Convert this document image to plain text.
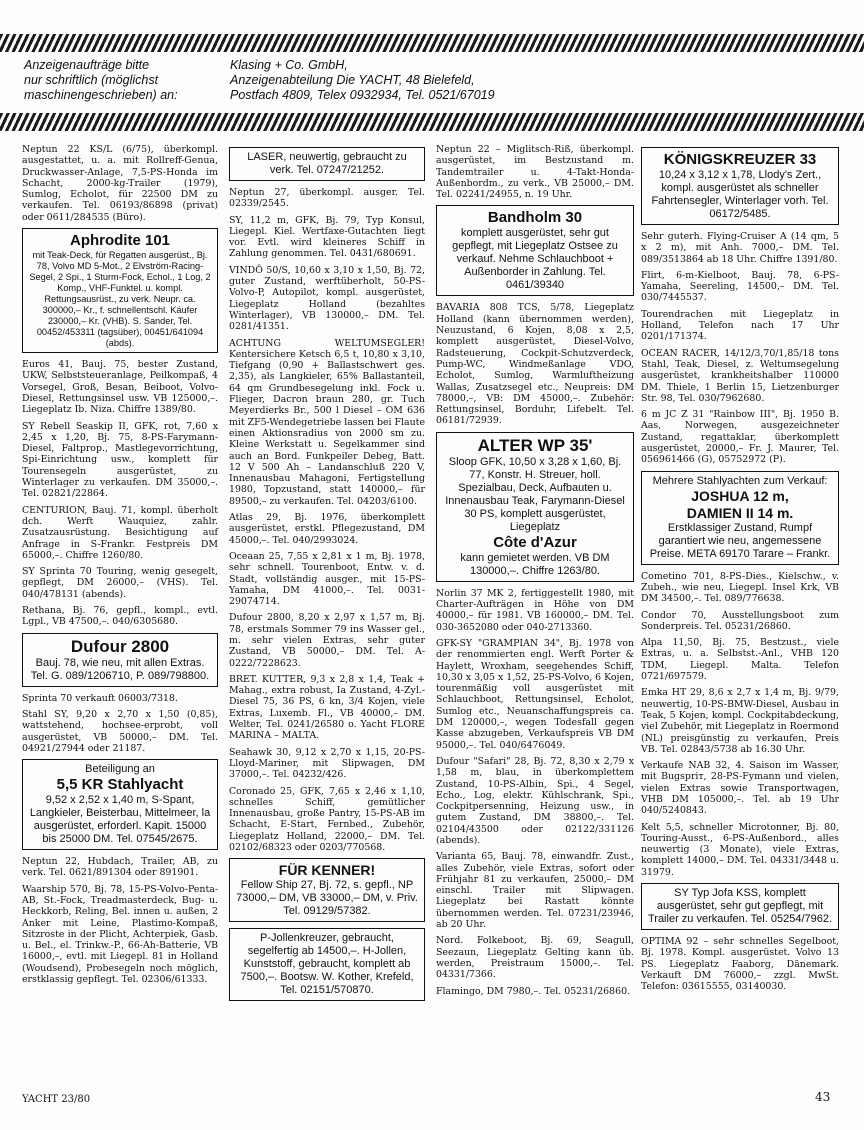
Anzeigenaufträge bitte
nur schriftlich (möglichst
maschinengeschrieben) an:
Klasing + Co. GmbH,
Anzeigenabteilung Die YACHT, 48 Bielefeld,
Postfach 4809, Telex 0932934, Tel. 0521/67019

Neptun 22 KS/L (6/75), überkompl. ausgestattet, u. a. mit Rollreff-Genua, Druckwasser-Anlage, 7,5-PS-Honda im Schacht, 2000-kg-Trailer (1979), Sumlog, Echolot, für 22500 DM zu verkaufen. Tel. 06193/86898 (privat) oder 0611/284535 (Büro).

Aphrodite 101
mit Teak-Deck, für Regatten ausgerüst., Bj. 78, Volvo MD 5-Mot., 2 Elvström-Racing-Segel, 2 Spi., 1 Sturm-Fock, Echol., 1 Log, 2 Komp., VHF-Funktel. u. kompl. Rettungsausrüst., zu verk. Neupr. ca. 300000,– Kr., f. schnellentschl. Käufer 230000,– Kr. (VHB). S. Sander, Tel. 00452/453311 (tagsüber), 00451/641094 (abds).

Euros 41, Bauj. 75, bester Zustand, UKW, Selbststeueranlage, Peilkompaß, 4 Vorsegel, Groß, Besan, Beiboot, Volvo-Diesel, Rettungsinsel usw. VB 125000,–. Liegeplatz Ib. Niza. Chiffre 1389/80.

SY Rebell Seaskip II, GFK, rot, 7,60 x 2,45 x 1,20, Bj. 75, 8-PS-Farymann-Diesel, Faltprop., Mastlegevorrichtung, Spi-Einrichtung usw., komplett für Tourensegeln ausgerüstet, zu Winterlager zu verkaufen. DM 35000,–. Tel. 02821/22864.

CENTURION, Bauj. 71, kompl. überholt dch. Werft Wauquiez, zahlr. Zusatzausrüstung. Besichtigung auf Anfrage in S-Frankr. Festpreis DM 65000,–. Chiffre 1260/80.

SY Sprinta 70 Touring, wenig gesegelt, gepflegt, DM 26000,– (VHS). Tel. 040/478131 (abends).

Rethana, Bj. 76, gepfl., kompl., evtl. Lgpl., VB 47500,–. 040/6305680.

Dufour 2800
Bauj. 78, wie neu, mit allen Extras. Tel. G. 089/1206710, P. 089/798800.

Sprinta 70 verkauft 06003/7318.

Stahl SY, 9,20 x 2,70 x 1,50 (0,85), wattstehend, hochsee-erprobt, voll ausgerüstet, VB 50000,– DM. Tel. 04921/27944 oder 21187.

Beteiligung an
5,5 KR Stahlyacht
9,52 x 2,52 x 1,40 m, S-Spant, Langkieler, Beisterbau, Mittelmeer, la ausgerüstet, erforderl. Kapit. 15000 bis 25000 DM. Tel. 07545/2675.

Neptun 22, Hubdach, Trailer, AB, zu verk. Tel. 0621/891304 oder 891901.

Waarship 570, Bj. 78, 15-PS-Volvo-Penta-AB, St.-Fock, Treadmasterdeck, Bug- u. Heckkorb, Reling, Bel. innen u. außen, 2 Anker mit Leine, Plastimo-Kompaß, Sitzroste in der Plicht, Achterpiek, Gasb. u. Bel., el. Trinkw.-P., 66-Ah-Batterie, VB 16000,–, evtl. mit Liegepl. 81 in Holland (Woudsend), Probesegeln noch möglich, erstklassig gepflegt. Tel. 02306/61333.

LASER, neuwertig, gebraucht zu verk. Tel. 07247/21252.

Neptun 27, überkompl. ausger. Tel. 02339/2545.

SY, 11,2 m, GFK, Bj. 79, Typ Konsul, Liegepl. Kiel. Wertfaxe-Gutachten liegt vor. Evtl. wird kleineres Schiff in Zahlung genommen. Tel. 0431/680691.

VINDÖ 50/S, 10,60 x 3,10 x 1,50, Bj. 72, guter Zustand, werftüberholt, 50-PS-Volvo-P, Autopilot, kompl. ausgerüstet, Liegeplatz Holland (bezahltes Winterlager), VB 130000,– DM. Tel. 0281/41351.

ACHTUNG WELTUMSEGLER! Kentersichere Ketsch 6,5 t, 10,80 x 3,10, Tiefgang (0,90 + Ballastschwert ges. 2,35), als Langkieler, 65% Ballastanteil, 64 qm Grundbesegelung inkl. Fock u. Flieger, Dacron braun 280, gr. Tuch Meyerdierks Br., 500 l Diesel – OM 636 mit ZF5-Wendegetriebe lassen bei Flaute einen Aktionsradius von 2000 sm zu. Kleine Werkstatt u. Segelkammer sind auch an Bord. Funkpeiler Debeg, Batt. 12 V 500 Ah – Landanschluß 220 V, Innenausbau Mahagoni, Fertigstellung 1980, Topzustand, statt 140000,– für 89500,– zu verkaufen. Tel. 04203/6100.

Atlas 29, Bj. 1976, überkomplett ausgerüstet, erstkl. Pflegezustand, DM 45000,–. Tel. 040/2993024.

Oceaan 25, 7,55 x 2,81 x 1 m, Bj. 1978, sehr schnell. Tourenboot, Entw. v. d. Stadt, vollständig ausger., mit 15-PS-Yamaha, DM 41000,–. Tel. 0031-29074714.

Dufour 2800, 8,20 x 2,97 x 1,57 m, Bj. 78, erstmals Sommer 79 ins Wasser gel., m. sehr vielen Extras, sehr guter Zustand, VB 50000,– DM. Tel. A-0222/7228623.

BRET. KUTTER, 9,3 x 2,8 x 1,4, Teak + Mahag., extra robust, Ia Zustand, 4-Zyl.-Diesel 75, 36 PS, 6 kn, 3/4 Kojen, viele Extras, Luxemb. Fl., VB 40000,– DM. Welter, Tel. 0241/26580 o. Yacht FLORE MARINA – MALTA.

Seahawk 30, 9,12 x 2,70 x 1,15, 20-PS-Lloyd-Mariner, mit Slipwagen, DM 37000,–. Tel. 04232/426.

Coronado 25, GFK, 7,65 x 2,46 x 1,10, schnelles Schiff, gemütlicher Innenausbau, große Pantry, 15-PS-AB im Schacht, E-Start, Fernbed., Zubehör, Liegeplatz Holland, 22000,– DM. Tel. 02102/68323 oder 0203/770568.

FÜR KENNER!
Fellow Ship 27, Bj. 72, s. gepfl., NP 73000,– DM, VB 33000,– DM, v. Priv. Tel. 09129/57382.
P-Jollenkreuzer, gebraucht, segelfertig ab 14500,–. H-Jollen, Kunststoff, gebraucht, komplett ab 7500,–. Bootsw. W. Kother, Krefeld, Tel. 02151/570870.

Neptun 22 – Miglitsch-Riß, überkompl. ausgerüstet, im Bestzustand m. Tandemtrailer u. 4-Takt-Honda-Außenbordm., zu verk., VB 25000,– DM. Tel. 02241/24955, n. 19 Uhr.

Bandholm 30
komplett ausgerüstet, sehr gut gepflegt, mit Liegeplatz Ostsee zu verkauf. Nehme Schlauchboot + Außenborder in Zahlung. Tel. 0461/39340

BAVARIA 808 TCS, 5/78, Liegeplatz Holland (kann übernommen werden), Neuzustand, 6 Kojen, 8,08 x 2,5, komplett ausgerüstet, Diesel-Volvo, Radsteuerung, Cockpit-Schutzverdeck, Pump-WC, Windmeßanlage VDO, Echolot, Sumlog, Warmluftheizung Wallas, Zusatzsegel etc., Neupreis: DM 78000,–, VB: DM 45000,–. Zubehör: Rettungsinsel, Borduhr, Lifebelt. Tel. 06181/72939.

ALTER WP 35'
Sloop GFK, 10,50 x 3,28 x 1,60, Bj. 77, Konstr. H. Streuer, holl. Spezialbau, Deck, Aufbauten u. Innenausbau Teak, Farymann-Diesel 30 PS, komplett ausgerüstet, Liegeplatz
Côte d'Azur
kann gemietet werden. VB DM 130000,–. Chiffre 1263/80.

Norlin 37 MK 2, fertiggestellt 1980, mit Charter-Aufträgen in Höhe von DM 40000,– für 1981. VB 160000,– DM. Tel. 030-3652080 oder 040-2713360.

GFK-SY "GRAMPIAN 34", Bj. 1978 von der renommierten engl. Werft Porter & Haylett, Wroxham, seegehendes Schiff, 10,30 x 3,05 x 1,52, 25-PS-Volvo, 6 Kojen, tourenmäßig voll ausgerüstet mit Schlauchboot, Rettungsinsel, Echolot, Sumlog etc., Neuanschaffungspreis ca. DM 120000,–, wegen Todesfall gegen Kasse abzugeben, Verkaufspreis VB DM 95000,–. Tel. 040/6476049.

Dufour "Safari" 28, Bj. 72, 8,30 x 2,79 x 1,58 m, blau, in überkomplettem Zustand, 10-PS-Albin, Spi., 4 Segel, Echo., Log, elektr. Kühlschrank, Spi., Cockpitpersenning, Heizung usw., in gutem Zustand, DM 38800,–. Tel. 02104/43500 oder 02122/331126 (abends).

Varianta 65, Bauj. 78, einwandfr. Zust., alles Zubehör, viele Extras, sofort oder Frühjahr 81 zu verkaufen, 25000,– DM einschl. Trailer mit Slipwagen. Liegeplatz bei Rastatt könnte übernommen werden. Tel. 07231/23946, ab 20 Uhr.

Nord. Folkeboot, Bj. 69, Seagull, Seezaun, Liegeplatz Gelting kann üb. werden, Preistraum 15000,–. Tel. 04331/7366.

Flamingo, DM 7980,–. Tel. 05231/26860.

KÖNIGSKREUZER 33
10,24 x 3,12 x 1,78, Llody's Zert., kompl. ausgerüstet als schneller Fahrtensegler, Winterlager vorh. Tel. 06172/5485.

Sehr guterh. Flying-Cruiser A (14 qm, 5 x 2 m), mit Anh. 7000,– DM. Tel. 089/3513864 ab 18 Uhr. Chiffre 1391/80.

Flirt, 6-m-Kielboot, Bauj. 78, 6-PS-Yamaha, Seereling, 14500,– DM. Tel. 030/7445537.

Tourendrachen mit Liegeplatz in Holland, Telefon nach 17 Uhr 0201/171374.

OCEAN RACER, 14/12/3,70/1,85/18 tons Stahl, Teak, Diesel, z. Weltumsegelung ausgerüstet, krankheitshalber 110000 DM. Thiele, 1 Berlin 15, Lietzenburger Str. 98, Tel. 030/7962680.

6 m JC Z 31 "Rainbow III", Bj. 1950 B. Aas, Norwegen, ausgezeichneter Zustand, regattaklar, überkomplett ausgerüstet, 20000,– Fr. J. Maurer, Tel. 056961466 (G), 05752972 (P).

Mehrere Stahlyachten zum Verkauf:
JOSHUA 12 m,
DAMIEN II 14 m.
Erstklassiger Zustand, Rumpf garantiert wie neu, angemessene Preise. META 69170 Tarare – Frankr.

Cometino 701, 8-PS-Dies., Kielschw., v. Zubeh., wie neu, Liegepl. Insel Krk, VB DM 34500,–. Tel. 089/776638.

Condor 70, Ausstellungsboot zum Sonderpreis. Tel. 05231/26860.

Alpa 11,50, Bj. 75, Bestzust., viele Extras, u. a. Selbstst.-Anl., VHB 120 TDM, Liegepl. Malta. Telefon 0721/697579.

Emka HT 29, 8,6 x 2,7 x 1,4 m, Bj. 9/79, neuwertig, 10-PS-BMW-Diesel, Ausbau in Teak, 5 Kojen, kompl. Cockpitabdeckung, viel Zubehör, mit Liegeplatz in Roermond (NL) preisgünstig zu verkaufen, Preis VB. Tel. 02843/5738 ab 16.30 Uhr.

Verkaufe NAB 32, 4. Saison im Wasser, mit Bugspriт, 28-PS-Fymann und vielen, vielen Extras sowie Transportwagen, VHB DM 105000,–. Tel. ab 19 Uhr 040/5240843.

Kelt 5,5, schneller Microtonner, Bj. 80, Touring-Ausst., 6-PS-Außenbord., alles neuwertig (3 Monate), viele Extras, komplett 14000,– DM. Tel. 04331/3448 u. 31979.

SY Typ Jofa KSS, komplett ausgerüstet, sehr gut gepflegt, mit Trailer zu verkaufen. Tel. 05254/7962.

OPTIMA 92 – sehr schnelles Segelboot, Bj. 1978. Kompl. ausgerüstet. Volvo 13 PS. Liegeplatz Faaborg, Dänemark. Verkauft DM 76000,– zzgl. MwSt. Telefon: 03615555, 03140030.

YACHT 23/80	43
